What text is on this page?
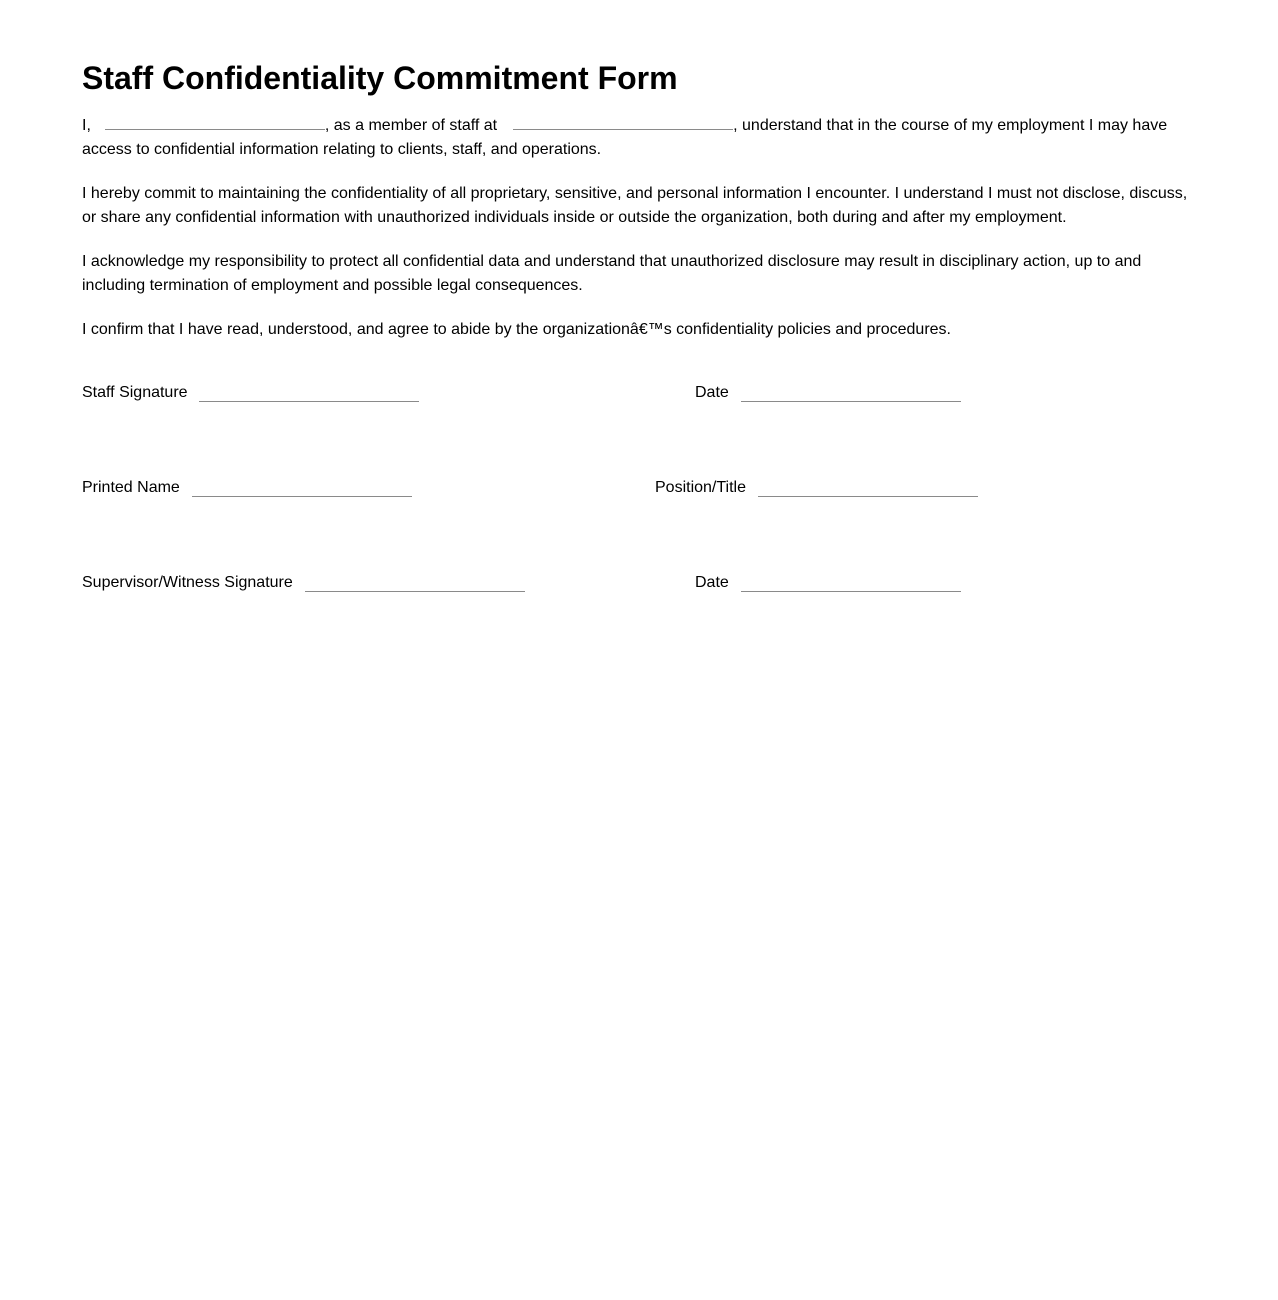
Staff Confidentiality Commitment Form

I,	, as a member of staff at	, understand that in the course of my employment I may have access to confidential information relating to clients, staff, and operations.

I hereby commit to maintaining the confidentiality of all proprietary, sensitive, and personal information I encounter. I understand I must not disclose, discuss, or share any confidential information with unauthorized individuals inside or outside the organization, both during and after my employment.

I acknowledge my responsibility to protect all confidential data and understand that unauthorized disclosure may result in disciplinary action, up to and including termination of employment and possible legal consequences.

I confirm that I have read, understood, and agree to abide by the organizationâ€™s confidentiality policies and procedures.

Staff Signature	Date
Printed Name	Position/Title
Supervisor/Witness Signature	Date
